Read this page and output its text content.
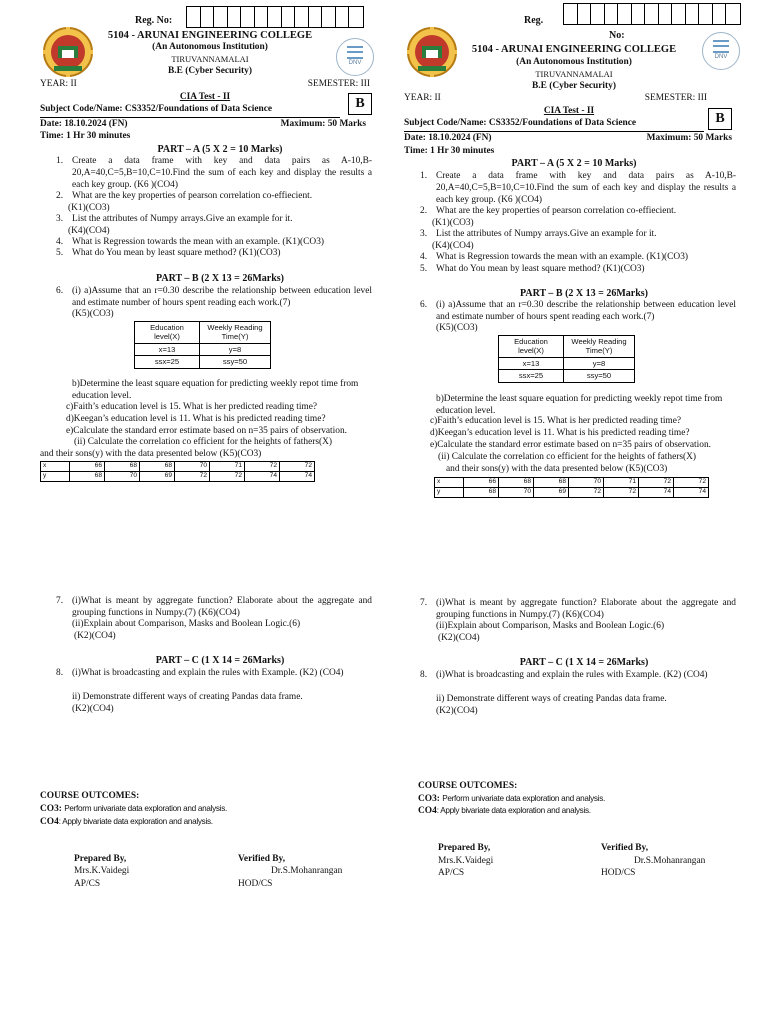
DNV
Reg. No:
5104 - ARUNAI ENGINEERING COLLEGE
(An Autonomous Institution)
TIRUVANNAMALAI
B.E (Cyber Security)
YEAR: II	SEMESTER: III
CIA Test - II
Subject Code/Name: CS3352/Foundations of Data Science	B
Date: 18.10.2024 (FN)	Maximum: 50 Marks
Time: 1 Hr 30 minutes
PART – A (5 X 2 = 10 Marks)
1. Create a data frame with key and data pairs as A-10,B-20,A=40,C=5,B=10,C=10.Find the sum of each key and display the results a each key group. (K6 )(CO4)
2. What are the key properties of pearson correlation co-effiecient.
(K1)(CO3)
3. List the attributes of Numpy arrays.Give an example for it.
(K4)(CO4)
4. What is Regression towards the mean with an example. (K1)(CO3)
5. What do You mean by least square method? (K1)(CO3)
PART – B (2 X 13 = 26Marks)
6. (i) a)Assume that an r=0.30 describe the relationship between education level and estimate number of hours spent reading each work.(7)
(K5)(CO3)
Education level(X)	Weekly Reading Time(Y)
x=13	y=8
ssx=25	ssy=50
b)Determine the least square equation for predicting weekly repot time from education level.
c)Faith’s education level is 15. What is her predicted reading time?
d)Keegan’s education level is 11. What is his predicted reading time?
e)Calculate the standard error estimate based on n=35 pairs of observation.
(ii) Calculate the correlation co efficient for the heights of fathers(X)
and their sons(y) with the data presented below (K5)(CO3)
x	66	68	68	70	71	72	72
y	68	70	69	72	72	74	74
7. (i)What is meant by aggregate function? Elaborate about the aggregate and grouping functions in Numpy.(7) (K6)(CO4)
(ii)Explain about Comparison, Masks and Boolean Logic.(6)
(K2)(CO4)
PART – C (1 X 14 = 26Marks)
8. (i)What is broadcasting and explain the rules with Example. (K2) (CO4)
ii) Demonstrate different ways of creating Pandas data frame.
(K2)(CO4)
COURSE OUTCOMES:
CO3: Perform univariate data exploration and analysis.
CO4: Apply bivariate data exploration and analysis.
Prepared By,
Mrs.K.Vaidegi
AP/CS
Verified By,
Dr.S.Mohanrangan
HOD/CS
DNV
Reg.
No:
5104 - ARUNAI ENGINEERING COLLEGE
(An Autonomous Institution)
TIRUVANNAMALAI
B.E (Cyber Security)
YEAR: II	SEMESTER: III
CIA Test - II
Subject Code/Name: CS3352/Foundations of Data Science	B
Date: 18.10.2024 (FN)	Maximum: 50 Marks
Time: 1 Hr 30 minutes
PART – A (5 X 2 = 10 Marks)
1. Create a data frame with key and data pairs as A-10,B-20,A=40,C=5,B=10,C=10.Find the sum of each key and display the results a each key group. (K6 )(CO4)
2. What are the key properties of pearson correlation co-effiecient.
(K1)(CO3)
3. List the attributes of Numpy arrays.Give an example for it.
(K4)(CO4)
4. What is Regression towards the mean with an example. (K1)(CO3)
5. What do You mean by least square method? (K1)(CO3)
PART – B (2 X 13 = 26Marks)
6. (i) a)Assume that an r=0.30 describe the relationship between education level and estimate number of hours spent reading each work.(7)
(K5)(CO3)
Education level(X)	Weekly Reading Time(Y)
x=13	y=8
ssx=25	ssy=50
b)Determine the least square equation for predicting weekly repot time from education level.
c)Faith’s education level is 15. What is her predicted reading time?
d)Keegan’s education level is 11. What is his predicted reading time?
e)Calculate the standard error estimate based on n=35 pairs of observation.
(ii) Calculate the correlation co efficient for the heights of fathers(X)
and their sons(y) with the data presented below (K5)(CO3)
x	66	68	68	70	71	72	72
y	68	70	69	72	72	74	74
7. (i)What is meant by aggregate function? Elaborate about the aggregate and grouping functions in Numpy.(7) (K6)(CO4)
(ii)Explain about Comparison, Masks and Boolean Logic.(6)
(K2)(CO4)
PART – C (1 X 14 = 26Marks)
8. (i)What is broadcasting and explain the rules with Example. (K2) (CO4)
ii) Demonstrate different ways of creating Pandas data frame.
(K2)(CO4)
COURSE OUTCOMES:
CO3: Perform univariate data exploration and analysis.
CO4: Apply bivariate data exploration and analysis.
Prepared By,
Mrs.K.Vaidegi
AP/CS
Verified By,
Dr.S.Mohanrangan
HOD/CS
